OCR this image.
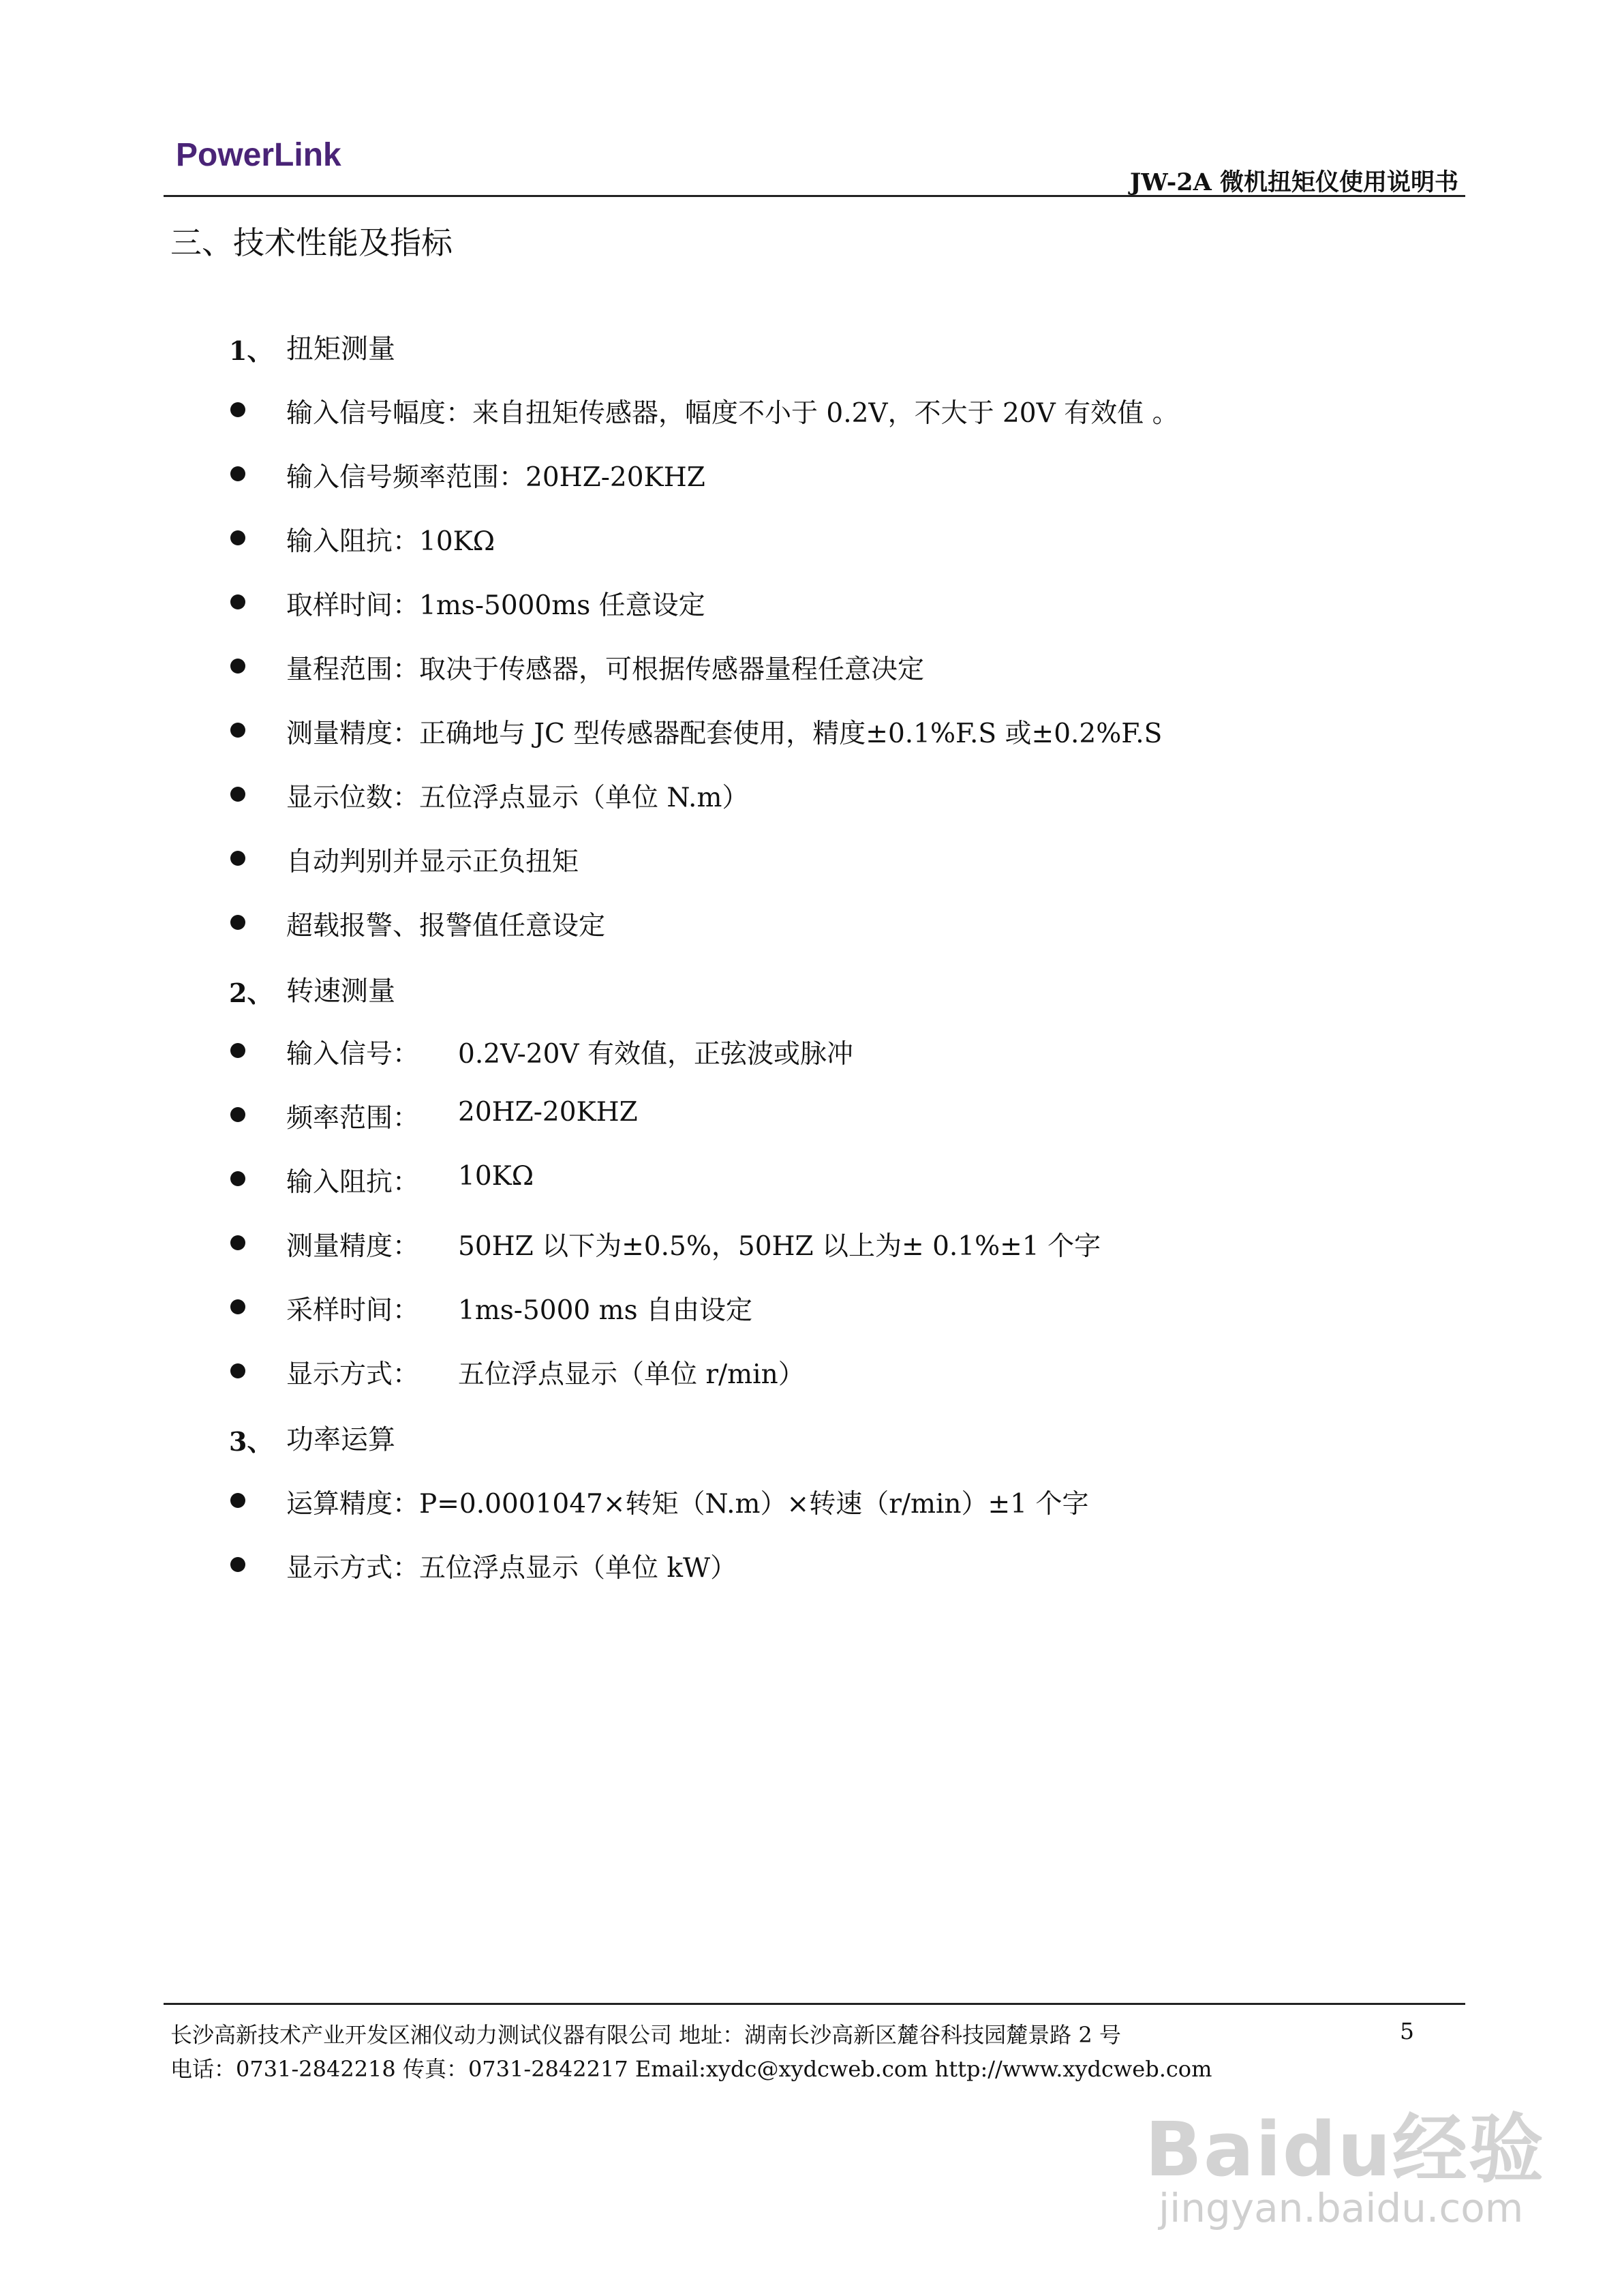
PowerLink
JW-2A 微机扭矩仪使用说明书
三、技术性能及指标
1、 扭矩测量
输入信号幅度：来自扭矩传感器，幅度不小于 0.2V，不大于 20V 有效值 。
输入信号频率范围：20HZ-20KHZ
输入阻抗：10KΩ
取样时间：1ms-5000ms 任意设定
量程范围：取决于传感器，可根据传感器量程任意决定
测量精度：正确地与 JC 型传感器配套使用，精度±0.1%F.S 或±0.2%F.S
显示位数：五位浮点显示（单位 N.m）
自动判别并显示正负扭矩
超载报警、报警值任意设定
2、 转速测量
输入信号： 0.2V-20V 有效值，正弦波或脉冲
频率范围： 20HZ-20KHZ
输入阻抗： 10KΩ
测量精度： 50HZ 以下为±0.5%，50HZ 以上为± 0.1%±1 个字
采样时间： 1ms-5000 ms 自由设定
显示方式： 五位浮点显示（单位 r/min）
3、 功率运算
运算精度：P=0.0001047×转矩（N.m）×转速（r/min）±1 个字
显示方式：五位浮点显示（单位 kW）
长沙高新技术产业开发区湘仪动力测试仪器有限公司 地址：湖南长沙高新区麓谷科技园麓景路 2 号	5
电话：0731-2842218 传真：0731-2842217 Email:xydc@xydcweb.com http://www.xydcweb.com
Baidu经验
jingyan.baidu.com
